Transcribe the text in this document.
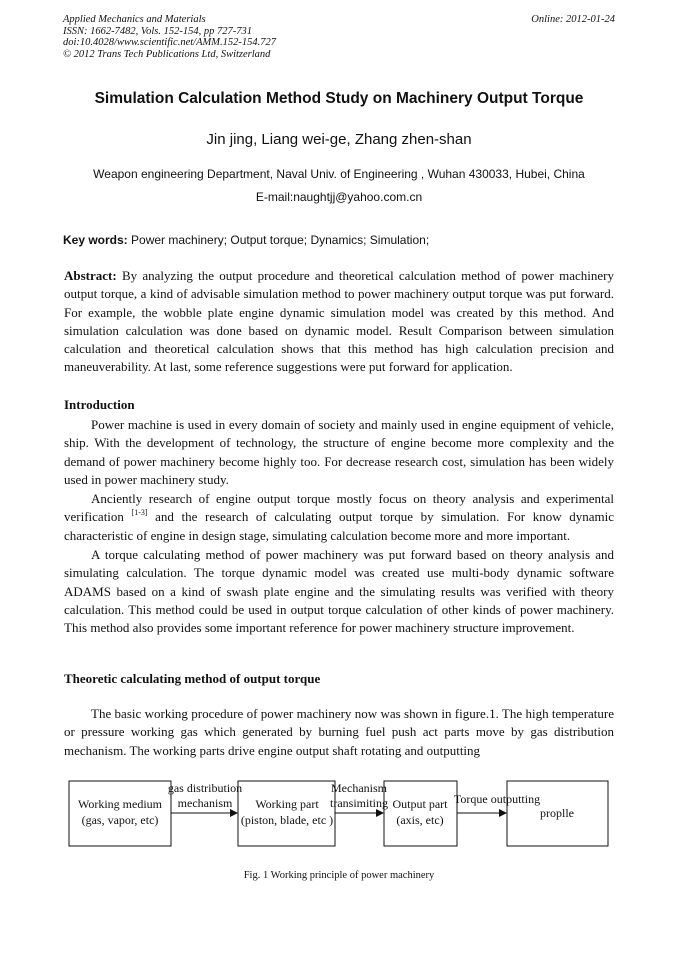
Applied Mechanics and Materials
ISSN: 1662-7482, Vols. 152-154, pp 727-731
doi:10.4028/www.scientific.net/AMM.152-154.727
© 2012 Trans Tech Publications Ltd, Switzerland
Online: 2012-01-24
Simulation Calculation Method Study on Machinery Output Torque
Jin jing, Liang wei-ge, Zhang zhen-shan
Weapon engineering Department, Naval Univ. of Engineering , Wuhan 430033, Hubei, China
E-mail:naughtjj@yahoo.com.cn
Key words: Power machinery; Output torque; Dynamics; Simulation;

Abstract: By analyzing the output procedure and theoretical calculation method of power machinery output torque, a kind of advisable simulation method to power machinery output torque was put forward. For example, the wobble plate engine dynamic simulation model was created by this method. And simulation calculation was done based on dynamic model. Result Comparison between simulation calculation and theoretical calculation shows that this method has high calculation precision and maneuverability. At last, some reference suggestions were put forward for application.

Introduction

Power machine is used in every domain of society and mainly used in engine equipment of vehicle, ship. With the development of technology, the structure of engine become more complexity and the demand of power machinery become highly too. For decrease research cost, simulation has been widely used in power machinery study.

Anciently research of engine output torque mostly focus on theory analysis and experimental verification [1-3] and the research of calculating output torque by simulation. For know dynamic characteristic of engine in design stage, simulating calculation become more and more important.

A torque calculating method of power machinery was put forward based on theory analysis and simulating calculation. The torque dynamic model was created use multi-body dynamic software ADAMS based on a kind of swash plate engine and the simulating results was verified with theory calculation. This method could be used in output torque calculation of other kinds of power machinery. This method also provides some important reference for power machinery structure improvement.

Theoretic calculating method of output torque

The basic working procedure of power machinery now was shown in figure.1. The high temperature or pressure working gas which generated by burning fuel push act parts move by gas distribution mechanism. The working parts drive engine output shaft rotating and outputting

Working medium
(gas, vapor, etc)
Working part
(piston, blade, etc )
Output part
(axis, etc)	proplle
gas distribution
mechanism
Mechanism
transimiting	Torque outputting
Fig. 1 Working principle of power machinery
